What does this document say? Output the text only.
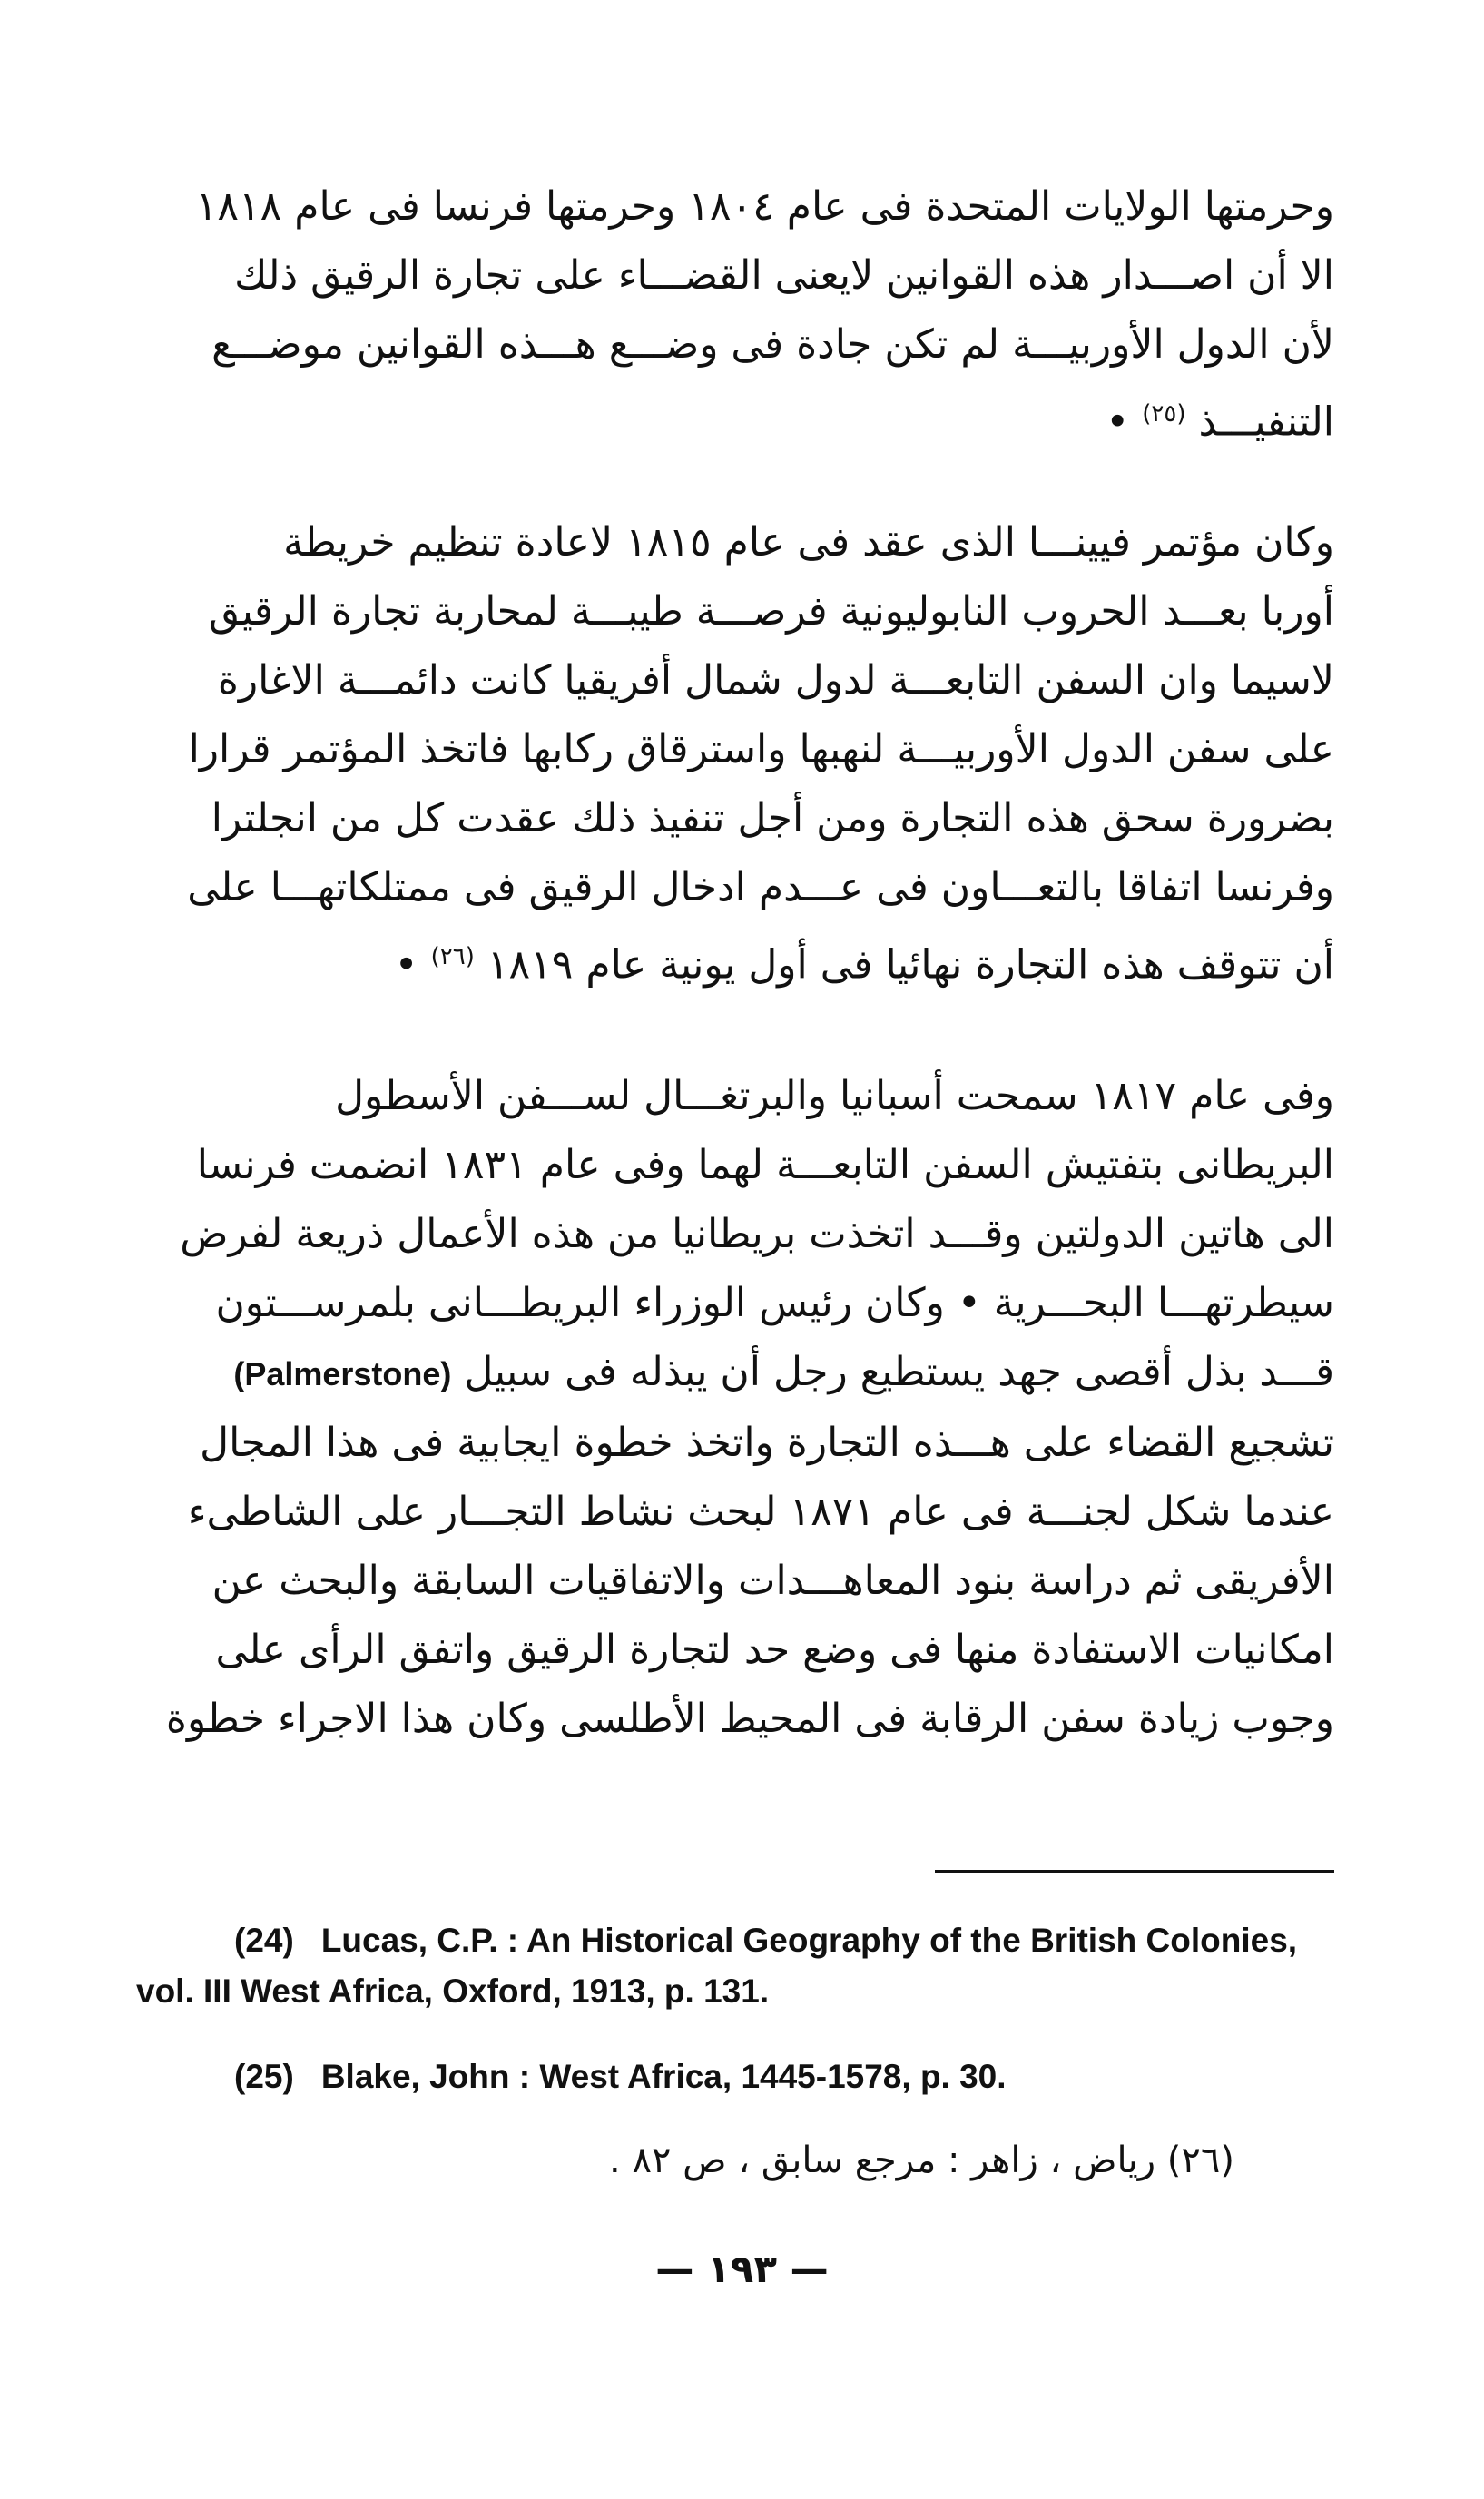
وحرمتها الولايات المتحدة فى عام ١٨٠٤ وحرمتها فرنسا فى عام ١٨١٨
الا أن اصـــدار هذه القوانين لايعنى القضـــاء على تجارة الرقيق ذلك
لأن الدول الأوربيـــة لم تكن جادة فى وضـــع هـــذه القوانين موضـــع
التنفيـــذ $^{(٢٥)}$ •
وكان مؤتمر فيينـــا الذى عقد فى عام ١٨١٥ لاعادة تنظيم خريطة
أوربا بعـــد الحروب النابوليونية فرصـــة طيبـــة لمحاربة تجارة الرقيق
لاسيما وان السفن التابعـــة لدول شمال أفريقيا كانت دائمـــة الاغارة
على سفن الدول الأوربيـــة لنهبها واسترقاق ركابها فاتخذ المؤتمر قرارا
بضرورة سحق هذه التجارة ومن أجل تنفيذ ذلك عقدت كل من انجلترا
وفرنسا اتفاقا بالتعـــاون فى عـــدم ادخال الرقيق فى ممتلكاتهـــا على
أن تتوقف هذه التجارة نهائيا فى أول يونية عام ١٨١٩ $^{(٢٦)}$ •
وفى عام ١٨١٧ سمحت أسبانيا والبرتغـــال لســـفن الأسطول
البريطانى بتفتيش السفن التابعـــة لهما وفى عام ١٨٣١ انضمت فرنسا
الى هاتين الدولتين وقـــد اتخذت بريطانيا من هذه الأعمال ذريعة لفرض
سيطرتهـــا البحـــرية • وكان رئيس الوزراء البريطـــانى بلمرســـتون
قـــد بذل أقصى جهد يستطيع رجل أن يبذله فى سبيل (Palmerstone)
تشجيع القضاء على هـــذه التجارة واتخذ خطوة ايجابية فى هذا المجال
عندما شكل لجنـــة فى عام ١٨٧١ لبحث نشاط التجـــار على الشاطىء
الأفريقى ثم دراسة بنود المعاهـــدات والاتفاقيات السابقة والبحث عن
امكانيات الاستفادة منها فى وضع حد لتجارة الرقيق واتفق الرأى على
وجوب زيادة سفن الرقابة فى المحيط الأطلسى وكان هذا الاجراء خطوة

(24) Lucas, C.P. : An Historical Geography of the British Colonies, vol. III West Africa, Oxford, 1913, p. 131.

(25) Blake, John : West Africa, 1445-1578, p. 30.

(٢٦) رياض ، زاهر : مرجع سابق ، ص ٨٢ .

— ١٩٣ —
